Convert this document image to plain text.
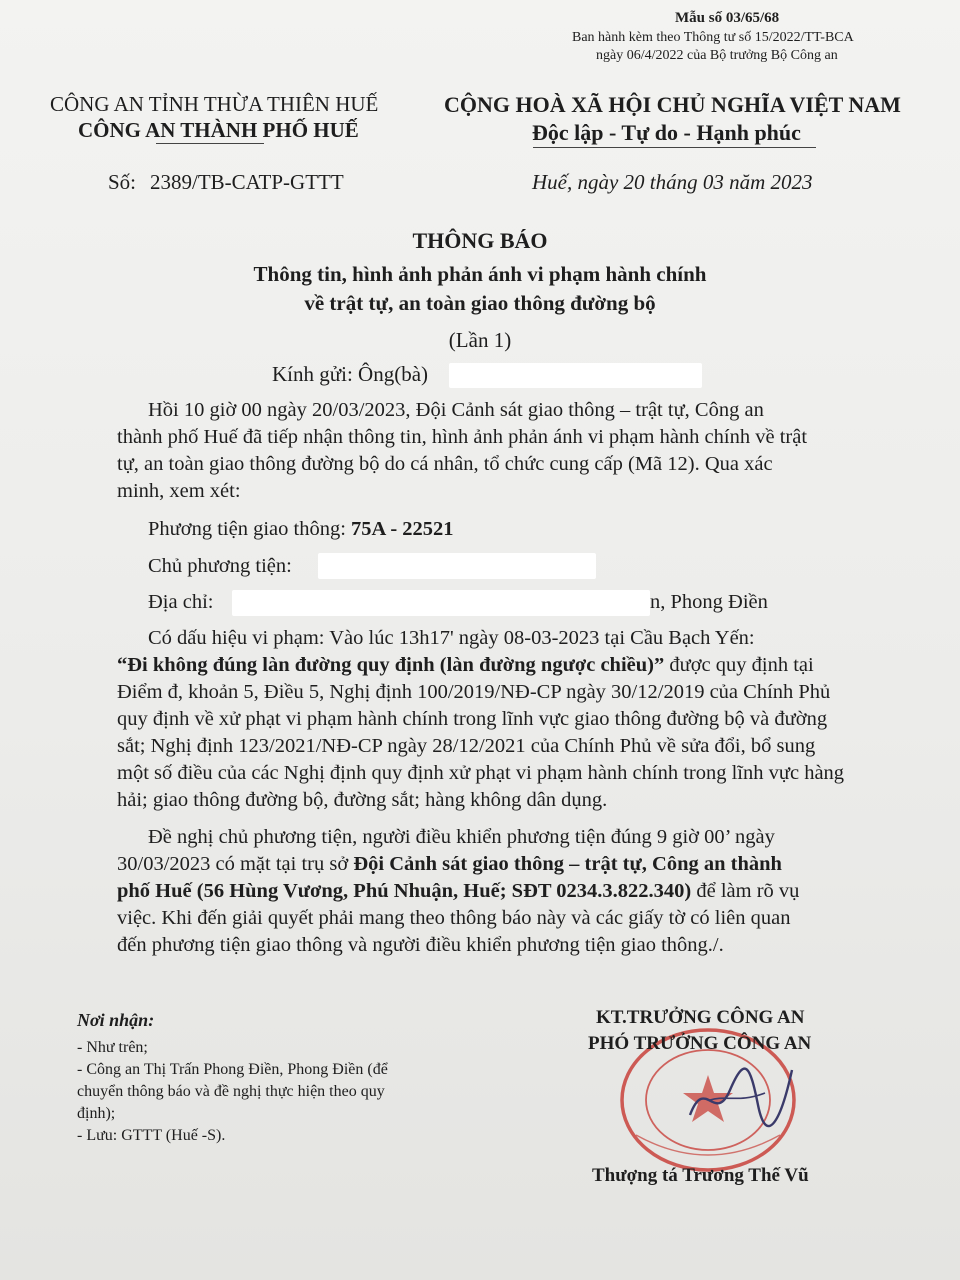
Mẫu số 03/65/68
Ban hành kèm theo Thông tư số 15/2022/TT-BCA
ngày 06/4/2022 của Bộ trưởng Bộ Công an
CÔNG AN TỈNH THỪA THIÊN HUẾ
CÔNG AN THÀNH PHỐ HUẾ
CỘNG HOÀ XÃ HỘI CHỦ NGHĨA VIỆT NAM
Độc lập - Tự do - Hạnh phúc
Số: 2389/TB-CATP-GTTT	Huế, ngày 20 tháng 03 năm 2023
THÔNG BÁO
Thông tin, hình ảnh phản ánh vi phạm hành chính
về trật tự, an toàn giao thông đường bộ
(Lần 1)
Kính gửi: Ông(bà)
Hồi 10 giờ 00 ngày 20/03/2023, Đội Cảnh sát giao thông – trật tự, Công an
thành phố Huế đã tiếp nhận thông tin, hình ảnh phản ánh vi phạm hành chính về trật
tự, an toàn giao thông đường bộ do cá nhân, tổ chức cung cấp (Mã 12). Qua xác
minh, xem xét:
Phương tiện giao thông: 75A - 22521
Chủ phương tiện:
Địa chỉ:	n, Phong Điền
Có dấu hiệu vi phạm: Vào lúc 13h17' ngày 08-03-2023 tại Cầu Bạch Yến:
“Đi không đúng làn đường quy định (làn đường ngược chiều)” được quy định tại
Điểm đ, khoản 5, Điều 5, Nghị định 100/2019/NĐ-CP ngày 30/12/2019 của Chính Phủ
quy định về xử phạt vi phạm hành chính trong lĩnh vực giao thông đường bộ và đường
sắt; Nghị định 123/2021/NĐ-CP ngày 28/12/2021 của Chính Phủ về sửa đổi, bổ sung
một số điều của các Nghị định quy định xử phạt vi phạm hành chính trong lĩnh vực hàng
hải; giao thông đường bộ, đường sắt; hàng không dân dụng.
Đề nghị chủ phương tiện, người điều khiển phương tiện đúng 9 giờ 00’ ngày
30/03/2023 có mặt tại trụ sở Đội Cảnh sát giao thông – trật tự, Công an thành
phố Huế (56 Hùng Vương, Phú Nhuận, Huế; SĐT 0234.3.822.340) để làm rõ vụ
việc. Khi đến giải quyết phải mang theo thông báo này và các giấy tờ có liên quan
đến phương tiện giao thông và người điều khiển phương tiện giao thông./.
Nơi nhận:
- Như trên;
- Công an Thị Trấn Phong Điền, Phong Điền (để
chuyển thông báo và đề nghị thực hiện theo quy
định);
- Lưu: GTTT (Huế -S).
KT.TRƯỞNG CÔNG AN
PHÓ TRƯỞNG CÔNG AN
Thượng tá Trương Thế Vũ
